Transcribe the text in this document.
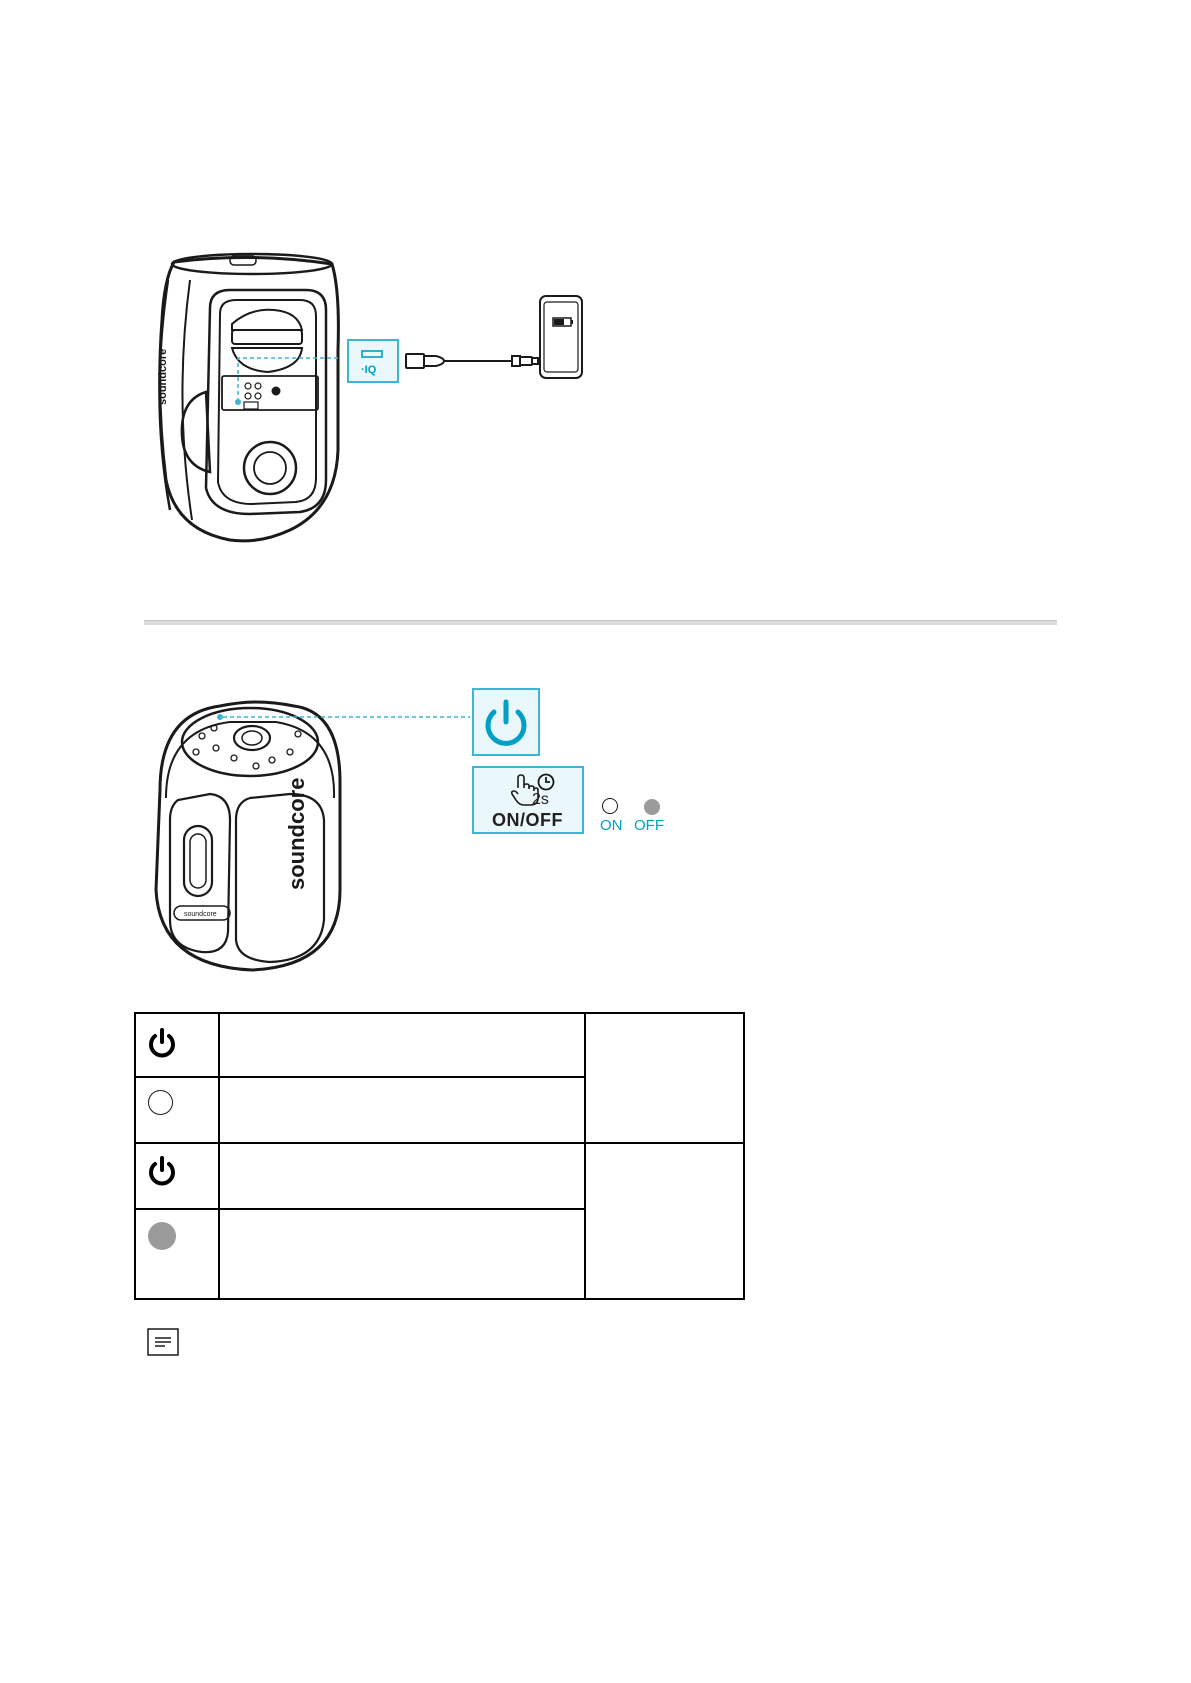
soundcore	·IQ
soundcore
soundcore
2s
ON/OFF ON OFF
